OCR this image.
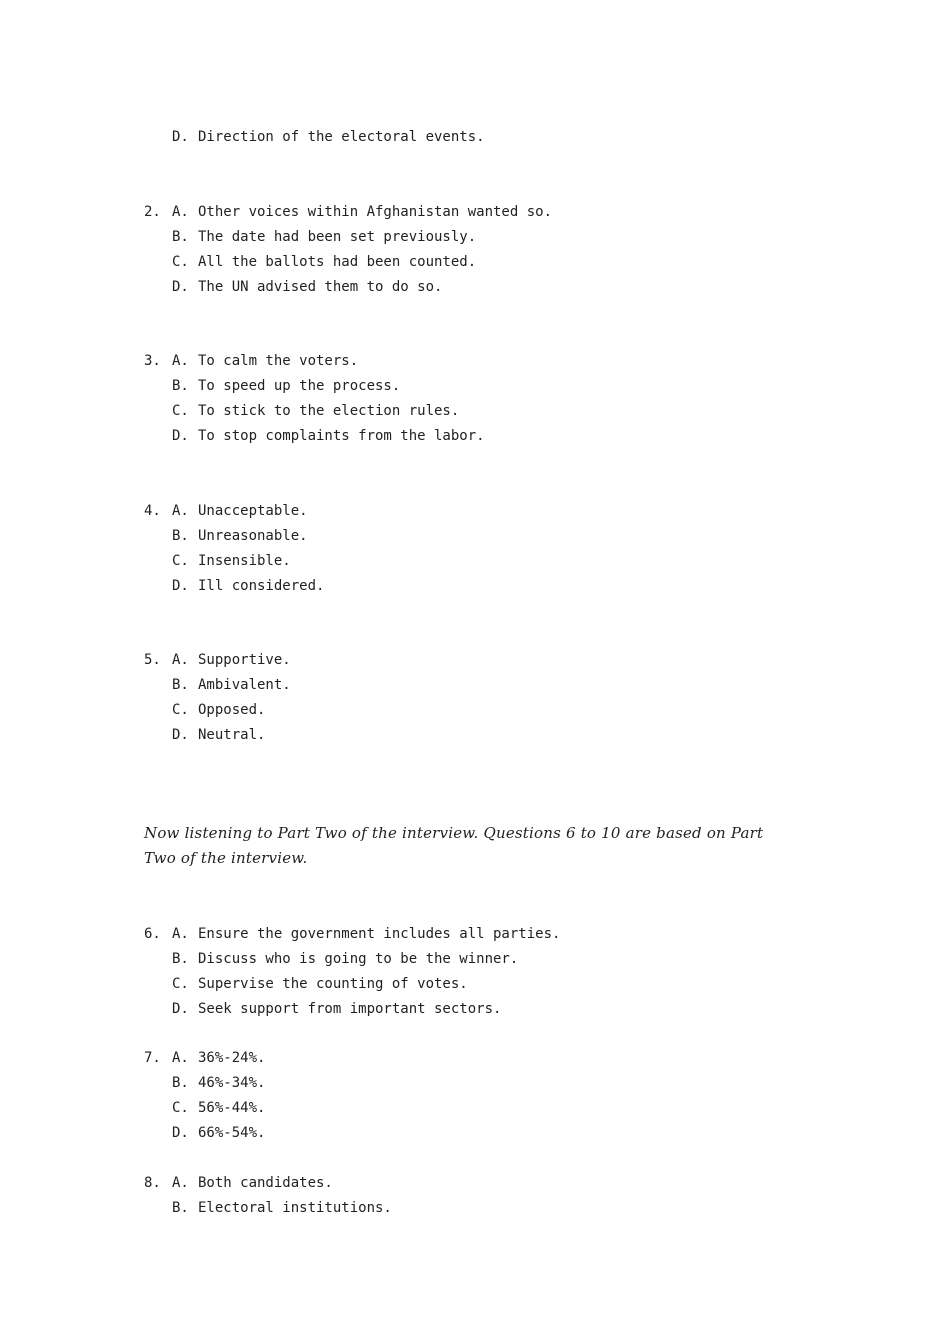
D. Direction of the electoral events.
2. A. Other voices within Afghanistan wanted so.
B. The date had been set previously.
C. All the ballots had been counted.
D. The UN advised them to do so.
3. A. To calm the voters.
B. To speed up the process.
C. To stick to the election rules.
D. To stop complaints from the labor.
4. A. Unacceptable.
B. Unreasonable.
C. Insensible.
D. Ill considered.
5. A. Supportive.
B. Ambivalent.
C. Opposed.
D. Neutral.
Now listening to Part Two of the interview. Questions 6 to 10 are based on Part
Two of the interview.
6. A. Ensure the government includes all parties.
B. Discuss who is going to be the winner.
C. Supervise the counting of votes.
D. Seek support from important sectors.
7. A. 36%-24%.
B. 46%-34%.
C. 56%-44%.
D. 66%-54%.
8. A. Both candidates.
B. Electoral institutions.
